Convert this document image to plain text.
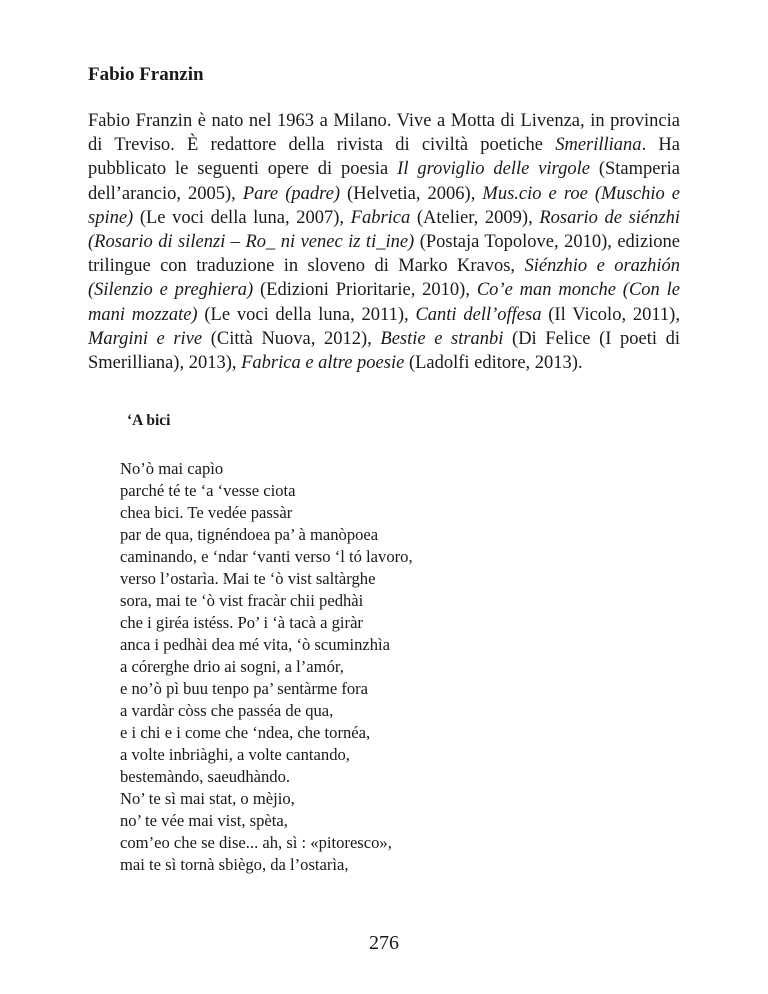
Fabio Franzin

Fabio Franzin è nato nel 1963 a Milano. Vive a Motta di Livenza, in provincia di Treviso. È redattore della rivista di civiltà poetiche Smerilliana. Ha pubblicato le seguenti opere di poesia Il groviglio delle virgole (Stamperia dell’arancio, 2005), Pare (padre) (Helvetia, 2006), Mus.cio e roe (Muschio e spine) (Le voci della luna, 2007), Fabrica (Atelier, 2009), Rosario de siénzhi (Rosario di silenzi – Ro_ ni venec iz ti_ine) (Postaja Topolove, 2010), edizione trilingue con traduzione in sloveno di Marko Kravos, Siénzhio e orazhión (Silenzio e preghiera) (Edizioni Prioritarie, 2010), Co’e man monche (Con le mani mozzate) (Le voci della luna, 2011), Canti dell’offesa (Il Vicolo, 2011), Margini e rive (Città Nuova, 2012), Bestie e stranbi (Di Felice (I poeti di Smerilliana), 2013), Fabrica e altre poesie (Ladolfi editore, 2013).

‘A bici
No’ò mai capìo
parché té te ‘a ‘vesse ciota
chea bici. Te vedée passàr
par de qua, tignéndoea pa’ à manòpoea
caminando, e ‘ndar ‘vanti verso ‘l tó lavoro,
verso l’ostarìa. Mai te ‘ò vist saltàrghe
sora, mai te ‘ò vist fracàr chii pedhài
che i giréa istéss. Po’ i ‘à tacà a giràr
anca i pedhài dea mé vita, ‘ò scuminzhìa
a córerghe drio ai sogni, a l’amór,
e no’ò pì buu tenpo pa’ sentàrme fora
a vardàr còss che passéa de qua,
e i chi e i come che ‘ndea, che tornéa,
a volte inbriàghi, a volte cantando,
bestemàndo, saeudhàndo.
No’ te sì mai stat, o mèjio,
no’ te vée mai vist, spèta,
com’eo che se dise... ah, sì : «pitoresco»,
mai te sì tornà sbiègo, da l’ostarìa,

276
